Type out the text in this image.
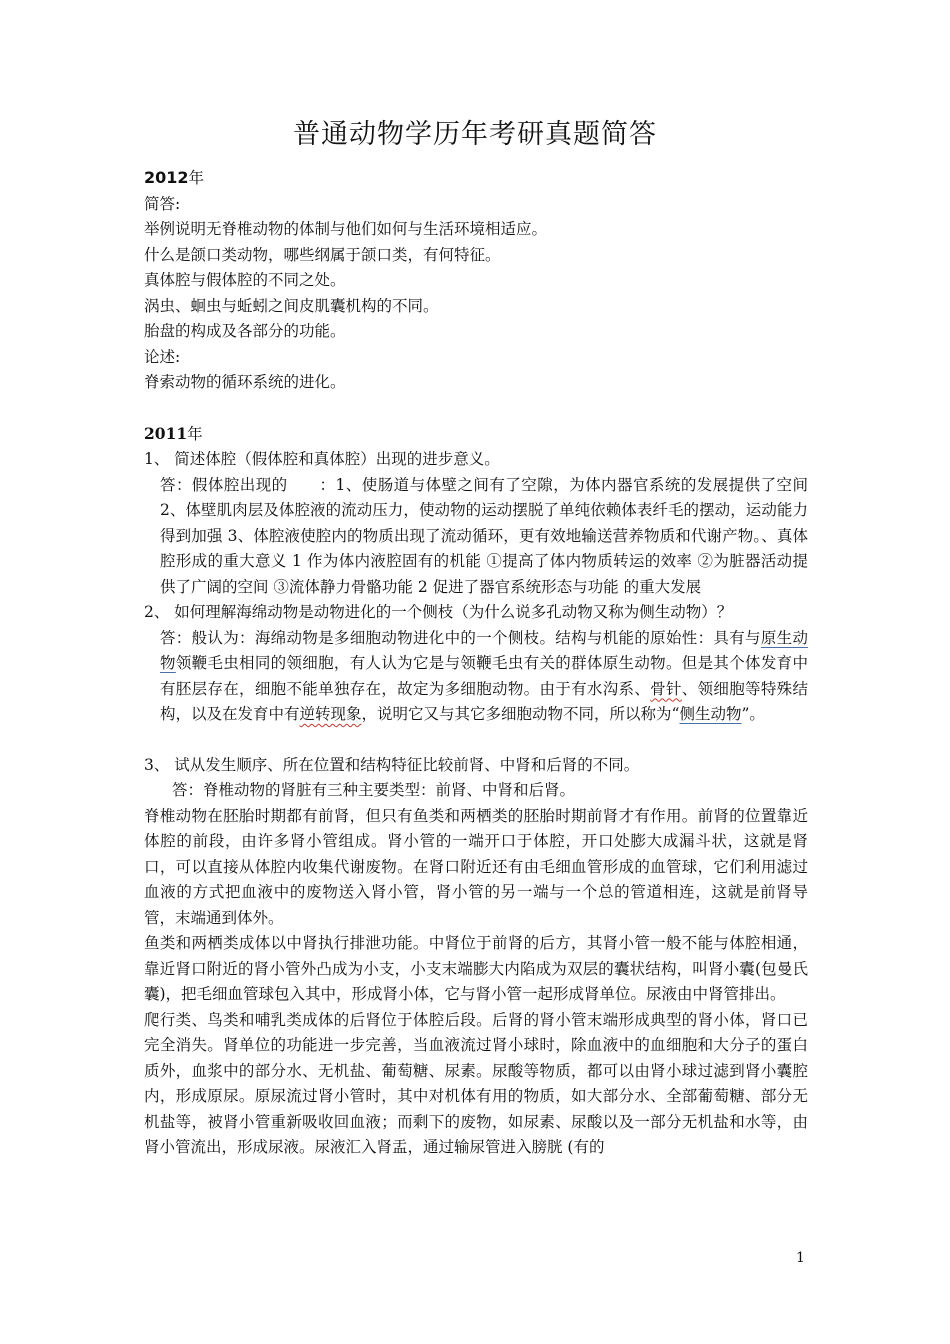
普通动物学历年考研真题简答

2012年

简答:

举例说明无脊椎动物的体制与他们如何与生活环境相适应。

什么是颌口类动物，哪些纲属于颌口类，有何特征。

真体腔与假体腔的不同之处。

涡虫、蛔虫与蚯蚓之间皮肌囊机构的不同。

胎盘的构成及各部分的功能。

论述:

脊索动物的循环系统的进化。

2011年

1、 简述体腔（假体腔和真体腔）出现的进步意义。

答：假体腔出现的　　：1、使肠道与体壁之间有了空隙，为体内器官系统的发展提供了空间 2、体壁肌肉层及体腔液的流动压力，使动物的运动摆脱了单纯依赖体表纤毛的摆动，运动能力得到加强 3、体腔液使腔内的物质出现了流动循环，更有效地输送营养物质和代谢产物。、真体腔形成的重大意义 1 作为体内液腔固有的机能 ①提高了体内物质转运的效率 ②为脏器活动提供了广阔的空间 ③流体静力骨骼功能 2 促进了器官系统形态与功能 的重大发展

2、 如何理解海绵动物是动物进化的一个侧枝（为什么说多孔动物又称为侧生动物）？

答：般认为：海绵动物是多细胞动物进化中的一个侧枝。结构与机能的原始性：具有与原生动物领鞭毛虫相同的领细胞，有人认为它是与领鞭毛虫有关的群体原生动物。但是其个体发育中有胚层存在，细胞不能单独存在，故定为多细胞动物。由于有水沟系、骨针、领细胞等特殊结构，以及在发育中有逆转现象，说明它又与其它多细胞动物不同，所以称为“侧生动物”。

3、 试从发生顺序、所在位置和结构特征比较前肾、中肾和后肾的不同。

答：脊椎动物的肾脏有三种主要类型：前肾、中肾和后肾。

脊椎动物在胚胎时期都有前肾，但只有鱼类和两栖类的胚胎时期前肾才有作用。前肾的位置靠近体腔的前段，由许多肾小管组成。肾小管的一端开口于体腔，开口处膨大成漏斗状，这就是肾口，可以直接从体腔内收集代谢废物。在肾口附近还有由毛细血管形成的血管球，它们利用滤过血液的方式把血液中的废物送入肾小管，肾小管的另一端与一个总的管道相连，这就是前肾导管，末端通到体外。

鱼类和两栖类成体以中肾执行排泄功能。中肾位于前肾的后方，其肾小管一般不能与体腔相通，靠近肾口附近的肾小管外凸成为小支，小支末端膨大内陷成为双层的囊状结构，叫肾小囊(包曼氏囊)，把毛细血管球包入其中，形成肾小体，它与肾小管一起形成肾单位。尿液由中肾管排出。

爬行类、鸟类和哺乳类成体的后肾位于体腔后段。后肾的肾小管末端形成典型的肾小体，肾口已完全消失。肾单位的功能进一步完善，当血液流过肾小球时，除血液中的血细胞和大分子的蛋白质外，血浆中的部分水、无机盐、葡萄糖、尿素。尿酸等物质，都可以由肾小球过滤到肾小囊腔内，形成原尿。原尿流过肾小管时，其中对机体有用的物质，如大部分水、全部葡萄糖、部分无机盐等，被肾小管重新吸收回血液；而剩下的废物，如尿素、尿酸以及一部分无机盐和水等，由肾小管流出，形成尿液。尿液汇入肾盂，通过输尿管进入膀胱 (有的

1
